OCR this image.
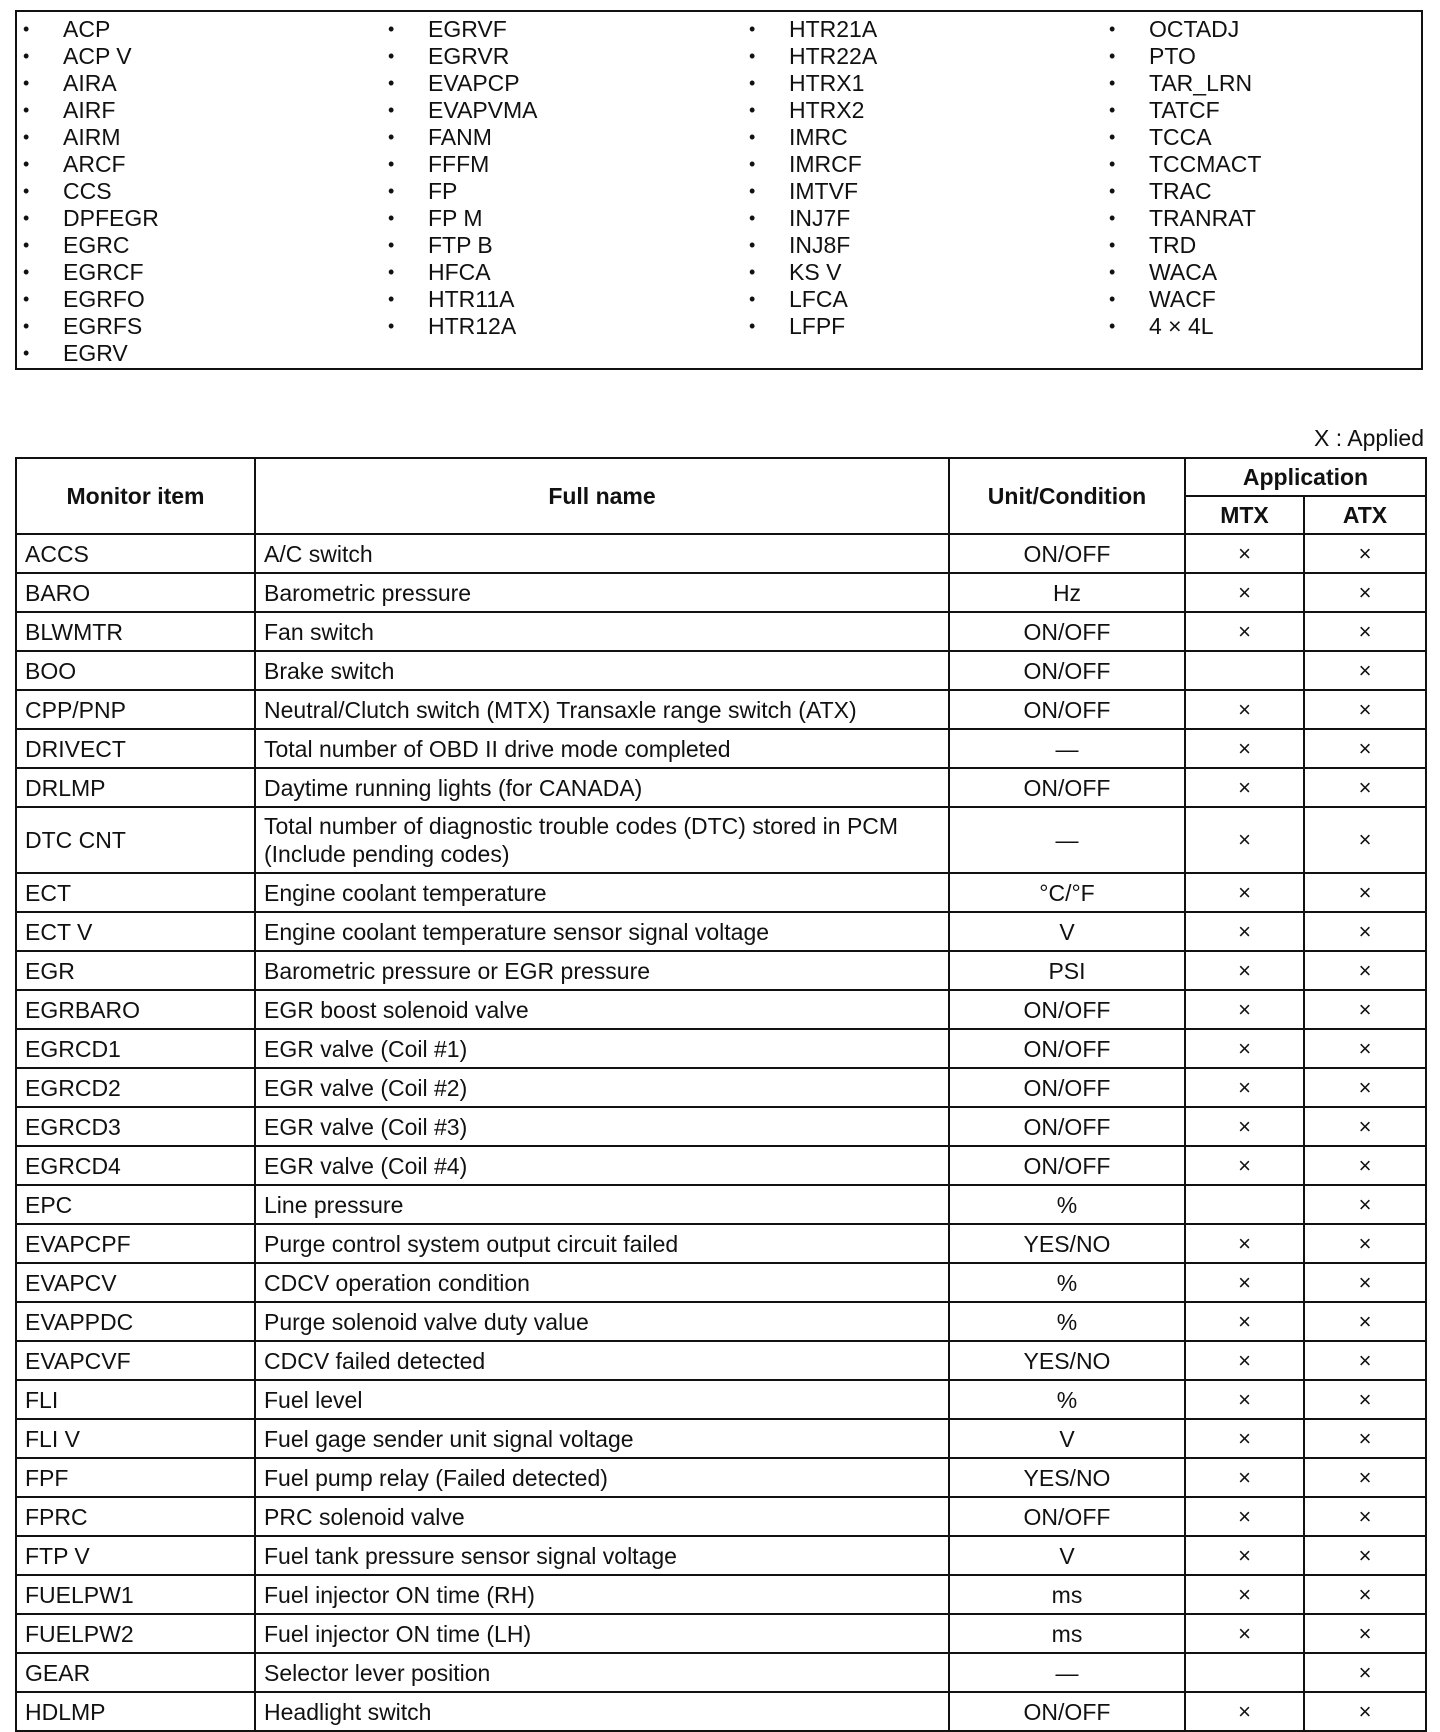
• ACP
• ACP V
• AIRA
• AIRF
• AIRM
• ARCF
• CCS
• DPFEGR
• EGRC
• EGRCF
• EGRFO
• EGRFS
• EGRV
• EGRVF
• EGRVR
• EVAPCP
• EVAPVMA
• FANM
• FFFM
• FP
• FP M
• FTP B
• HFCA
• HTR11A
• HTR12A
• HTR21A
• HTR22A
• HTRX1
• HTRX2
• IMRC
• IMRCF
• IMTVF
• INJ7F
• INJ8F
• KS V
• LFCA
• LFPF
• OCTADJ
• PTO
• TAR_LRN
• TATCF
• TCCA
• TCCMACT
• TRAC
• TRANRAT
• TRD
• WACA
• WACF
• 4 × 4L
X : Applied
Monitor item	Full name	Unit/Condition	Application	
			MTX	ATX
ACCS	A/C switch	ON/OFF	×	×
BARO	Barometric pressure	Hz	×	×
BLWMTR	Fan switch	ON/OFF	×	×
BOO	Brake switch	ON/OFF		×
CPP/PNP	Neutral/Clutch switch (MTX) Transaxle range switch (ATX)	ON/OFF	×	×
DRIVECT	Total number of OBD II drive mode completed	—	×	×
DRLMP	Daytime running lights (for CANADA)	ON/OFF	×	×
DTC CNT	Total number of diagnostic trouble codes (DTC) stored in PCM (Include pending codes)	—	×	×
ECT	Engine coolant temperature	°C/°F	×	×
ECT V	Engine coolant temperature sensor signal voltage	V	×	×
EGR	Barometric pressure or EGR pressure	PSI	×	×
EGRBARO	EGR boost solenoid valve	ON/OFF	×	×
EGRCD1	EGR valve (Coil #1)	ON/OFF	×	×
EGRCD2	EGR valve (Coil #2)	ON/OFF	×	×
EGRCD3	EGR valve (Coil #3)	ON/OFF	×	×
EGRCD4	EGR valve (Coil #4)	ON/OFF	×	×
EPC	Line pressure	%		×
EVAPCPF	Purge control system output circuit failed	YES/NO	×	×
EVAPCV	CDCV operation condition	%	×	×
EVAPPDC	Purge solenoid valve duty value	%	×	×
EVAPCVF	CDCV failed detected	YES/NO	×	×
FLI	Fuel level	%	×	×
FLI V	Fuel gage sender unit signal voltage	V	×	×
FPF	Fuel pump relay (Failed detected)	YES/NO	×	×
FPRC	PRC solenoid valve	ON/OFF	×	×
FTP V	Fuel tank pressure sensor signal voltage	V	×	×
FUELPW1	Fuel injector ON time (RH)	ms	×	×
FUELPW2	Fuel injector ON time (LH)	ms	×	×
GEAR	Selector lever position	—		×
HDLMP	Headlight switch	ON/OFF	×	×
